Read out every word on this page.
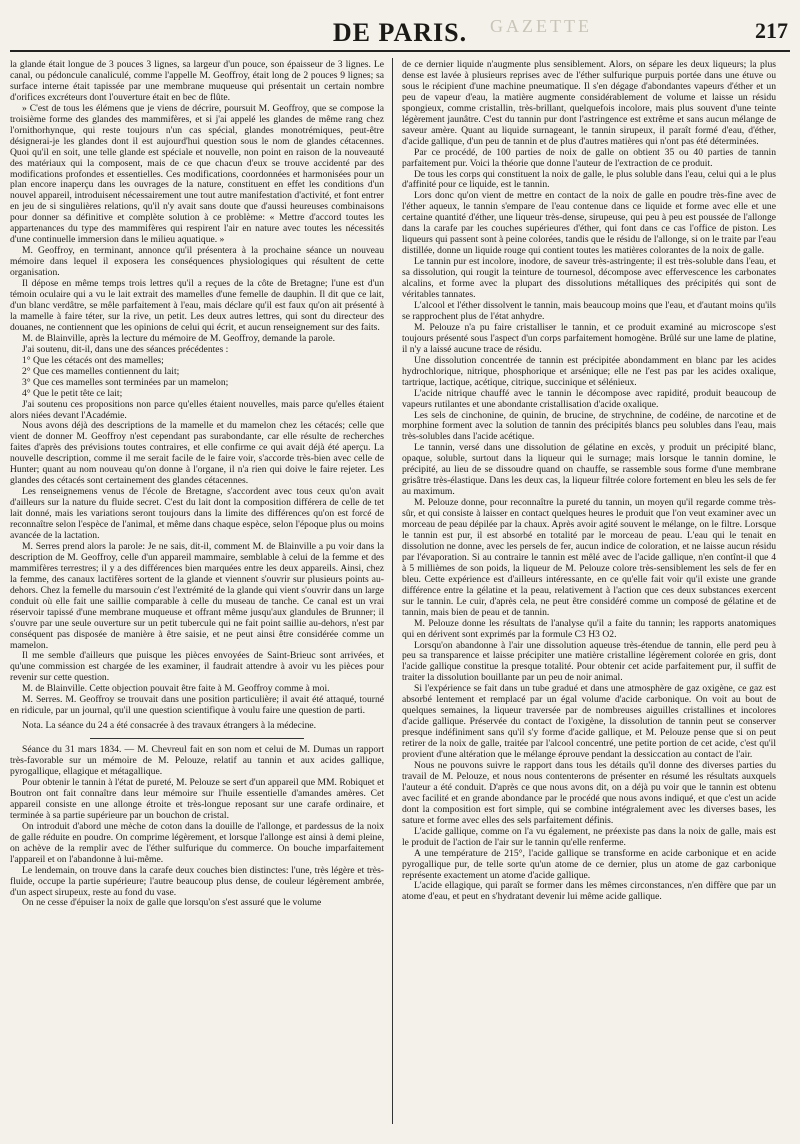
GAZETTE
DE PARIS.	217

la glande était longue de 3 pouces 3 lignes, sa largeur d'un pouce, son épaisseur de 3 lignes. Le canal, ou pédoncule canaliculé, comme l'appelle M. Geoffroy, était long de 2 pouces 9 lignes; sa surface interne était tapissée par une membrane muqueuse qui présentait un certain nombre d'orifices excréteurs dont l'ouverture était en bec de flûte.

» C'est de tous les élémens que je viens de décrire, poursuit M. Geoffroy, que se compose la troisième forme des glandes des mammifères, et si j'ai appelé les glandes de même rang chez l'ornithorhynque, qui reste toujours n'un cas spécial, glandes monotrémiques, peut-être désignerai-je les glandes dont il est aujourd'hui question sous le nom de glandes cétacennes. Quoi qu'il en soit, une telle glande est spéciale et nouvelle, non point en raison de la nouveauté des matériaux qui la composent, mais de ce que chacun d'eux se trouve accidenté par des modifications profondes et essentielles. Ces modifications, coordonnées et harmonisées pour un plan encore inaperçu dans les ouvrages de la nature, constituent en effet les conditions d'un nouvel appareil, introduisent nécessairement une tout autre manifestation d'activité, et font entrer en jeu de si singulières relations, qu'il n'y avait sans doute que d'aussi heureuses combinaisons pour donner sa définitive et complète solution à ce problème: « Mettre d'accord toutes les appartenances du type des mammifères qui respirent l'air en nature avec toutes les nécessités d'une continuelle immersion dans le milieu aquatique. »

M. Geoffroy, en terminant, annonce qu'il présentera à la prochaine séance un nouveau mémoire dans lequel il exposera les conséquences physiologiques qui résultent de cette organisation.

Il dépose en même temps trois lettres qu'il a reçues de la côte de Bretagne; l'une est d'un témoin oculaire qui a vu le lait extrait des mamelles d'une femelle de dauphin. Il dit que ce lait, d'un blanc verdâtre, se mêle parfaitement à l'eau, mais déclare qu'il est faux qu'on ait présenté à la mamelle à faire téter, sur la rive, un petit. Les deux autres lettres, qui sont du directeur des douanes, ne contiennent que les opinions de celui qui écrit, et aucun renseignement sur des faits.

M. de Blainville, après la lecture du mémoire de M. Geoffroy, demande la parole.

J'ai soutenu, dit-il, dans une des séances précédentes :

1° Que les cétacés ont des mamelles;

2° Que ces mamelles contiennent du lait;

3° Que ces mamelles sont terminées par un mamelon;

4° Que le petit tête ce lait;

J'ai soutenu ces propositions non parce qu'elles étaient nouvelles, mais parce qu'elles étaient alors niées devant l'Académie.

Nous avons déjà des descriptions de la mamelle et du mamelon chez les cétacés; celle que vient de donner M. Geoffroy n'est cependant pas surabondante, car elle résulte de recherches faites d'après des prévisions toutes contraires, et elle confirme ce qui avait déjà été aperçu. La nouvelle description, comme il me serait facile de le faire voir, s'accorde très-bien avec celle de Hunter; quant au nom nouveau qu'on donne à l'organe, il n'a rien qui doive le faire rejeter. Les glandes des cétacés sont certainement des glandes cétacennes.

Les renseignemens venus de l'école de Bretagne, s'accordent avec tous ceux qu'on avait d'ailleurs sur la nature du fluide secret. C'est du lait dont la composition différera de celle de tet lait donné, mais les variations seront toujours dans la limite des différences qu'on est forcé de reconnaître selon l'espèce de l'animal, et même dans chaque espèce, selon l'époque plus ou moins avancée de la lactation.

M. Serres prend alors la parole: Je ne sais, dit-il, comment M. de Blainville a pu voir dans la description de M. Geoffroy, celle d'un appareil mammaire, semblable à celui de la femme et des mammifères terrestres; il y a des différences bien marquées entre les deux appareils. Ainsi, chez la femme, des canaux lactifères sortent de la glande et viennent s'ouvrir sur plusieurs points au-dehors. Chez la femelle du marsouin c'est l'extrémité de la glande qui vient s'ouvrir dans un large conduit où elle fait une saillie comparable à celle du museau de tanche. Ce canal est un vrai réservoir tapissé d'une membrane muqueuse et offrant même jusqu'aux glandules de Brunner; il s'ouvre par une seule ouverture sur un petit tubercule qui ne fait point saillie au-dehors, n'est par conséquent pas disposée de manière à être saisie, et ne peut ainsi être considérée comme un mamelon.

Il me semble d'ailleurs que puisque les pièces envoyées de Saint-Brieuc sont arrivées, et qu'une commission est chargée de les examiner, il faudrait attendre à avoir vu les pièces pour revenir sur cette question.

M. de Blainville. Cette objection pouvait être faite à M. Geoffroy comme à moi.

M. Serres. M. Geoffroy se trouvait dans une position particulière; il avait été attaqué, tourné en ridicule, par un journal, qu'il une question scientifique à voulu faire une question de parti.

Nota. La séance du 24 a été consacrée à des travaux étrangers à la médecine.

Séance du 31 mars 1834. — M. Chevreul fait en son nom et celui de M. Dumas un rapport très-favorable sur un mémoire de M. Pelouze, relatif au tannin et aux acides gallique, pyrogallique, ellagique et métagallique.

Pour obtenir le tannin à l'état de pureté, M. Pelouze se sert d'un appareil que MM. Robiquet et Boutron ont fait connaître dans leur mémoire sur l'huile essentielle d'amandes amères. Cet appareil consiste en une allonge étroite et très-longue reposant sur une carafe ordinaire, et terminée à sa partie supérieure par un bouchon de cristal.

On introduit d'abord une mèche de coton dans la douille de l'allonge, et pardessus de la noix de galle réduite en poudre. On comprime légèrement, et lorsque l'allonge est ainsi à demi pleine, on achève de la remplir avec de l'éther sulfurique du commerce. On bouche imparfaitement l'appareil et on l'abandonne à lui-même.

Le lendemain, on trouve dans la carafe deux couches bien distinctes: l'une, très légère et très-fluide, occupe la partie supérieure; l'autre beaucoup plus dense, de couleur légèrement ambrée, d'un aspect sirupeux, reste au fond du vase.

On ne cesse d'épuiser la noix de galle que lorsqu'on s'est assuré que le volume

de ce dernier liquide n'augmente plus sensiblement. Alors, on sépare les deux liqueurs; la plus dense est lavée à plusieurs reprises avec de l'éther sulfurique purpuis portée dans une étuve ou sous le récipient d'une machine pneumatique. Il s'en dégage d'abondantes vapeurs d'éther et un peu de vapeur d'eau, la matière augmente considérablement de volume et laisse un résidu spongieux, comme cristallin, très-brillant, quelquefois incolore, mais plus souvent d'une teinte légèrement jaunâtre. C'est du tannin pur dont l'astringence est extrême et sans aucun mélange de saveur amère. Quant au liquide surnageant, le tannin sirupeux, il paraît formé d'eau, d'éther, d'acide gallique, d'un peu de tannin et de plus d'autres matières qui n'ont pas été déterminées.

Par ce procédé, de 100 parties de noix de galle on obtient 35 ou 40 parties de tannin parfaitement pur. Voici la théorie que donne l'auteur de l'extraction de ce produit.

De tous les corps qui constituent la noix de galle, le plus soluble dans l'eau, celui qui a le plus d'affinité pour ce liquide, est le tannin.

Lors donc qu'on vient de mettre en contact de la noix de galle en poudre très-fine avec de l'éther aqueux, le tannin s'empare de l'eau contenue dans ce liquide et forme avec elle et une certaine quantité d'éther, une liqueur très-dense, sirupeuse, qui peu à peu est poussée de l'allonge dans la carafe par les couches supérieures d'éther, qui font dans ce cas l'office de piston. Les liqueurs qui passent sont à peine colorées, tandis que le résidu de l'allonge, si on le traite par l'eau distillée, donne un liquide rouge qui contient toutes les matières colorantes de la noix de galle.

Le tannin pur est incolore, inodore, de saveur très-astringente; il est très-soluble dans l'eau, et sa dissolution, qui rougit la teinture de tournesol, décompose avec effervescence les carbonates alcalins, et forme avec la plupart des dissolutions métalliques des précipités qui sont de véritables tannates.

L'alcool et l'éther dissolvent le tannin, mais beaucoup moins que l'eau, et d'autant moins qu'ils se rapprochent plus de l'état anhydre.

M. Pelouze n'a pu faire cristalliser le tannin, et ce produit examiné au microscope s'est toujours présenté sous l'aspect d'un corps parfaitement homogène. Brûlé sur une lame de platine, il n'y a laissé aucune trace de résidu.

Une dissolution concentrée de tannin est précipitée abondamment en blanc par les acides hydrochlorique, nitrique, phosphorique et arsénique; elle ne l'est pas par les acides oxalique, tartrique, lactique, acétique, citrique, succinique et sélénieux.

L'acide nitrique chauffé avec le tannin le décompose avec rapidité, produit beaucoup de vapeurs rutilantes et une abondante cristallisation d'acide oxalique.

Les sels de cinchonine, de quinin, de brucine, de strychnine, de codéine, de narcotine et de morphine forment avec la solution de tannin des précipités blancs peu solubles dans l'eau, mais très-solubles dans l'acide acétique.

Le tannin, versé dans une dissolution de gélatine en excès, y produit un précipité blanc, opaque, soluble, surtout dans la liqueur qui le surnage; mais lorsque le tannin domine, le précipité, au lieu de se dissoudre quand on chauffe, se rassemble sous forme d'une membrane grisâtre très-élastique. Dans les deux cas, la liqueur filtrée colore fortement en bleu les sels de fer au maximum.

M. Pelouze donne, pour reconnaître la pureté du tannin, un moyen qu'il regarde comme très-sûr, et qui consiste à laisser en contact quelques heures le produit que l'on veut examiner avec un morceau de peau dépilée par la chaux. Après avoir agité souvent le mélange, on le filtre. Lorsque le tannin est pur, il est absorbé en totalité par le morceau de peau. L'eau qui le tenait en dissolution ne donne, avec les persels de fer, aucun indice de coloration, et ne laisse aucun résidu par l'évaporation. Si au contraire le tannin est mêlé avec de l'acide gallique, n'en contînt-il que 4 à 5 millièmes de son poids, la liqueur de M. Pelouze colore très-sensiblement les sels de fer en bleu. Cette expérience est d'ailleurs intéressante, en ce qu'elle fait voir qu'il existe une grande différence entre la gélatine et la peau, relativement à l'action que ces deux substances exercent sur le tannin. Le cuir, d'après cela, ne peut être considéré comme un composé de gélatine et de tannin, mais bien de peau et de tannin.

M. Pelouze donne les résultats de l'analyse qu'il a faite du tannin; les rapports anatomiques qui en dérivent sont exprimés par la formule C3 H3 O2.

Lorsqu'on abandonne à l'air une dissolution aqueuse très-étendue de tannin, elle perd peu à peu sa transparence et laisse précipiter une matière cristalline légèrement colorée en gris, dont l'acide gallique constitue la presque totalité. Pour obtenir cet acide parfaitement pur, il suffit de traiter la dissolution bouillante par un peu de noir animal.

Si l'expérience se fait dans un tube gradué et dans une atmosphère de gaz oxigène, ce gaz est absorbé lentement et remplacé par un égal volume d'acide carbonique. On voit au bout de quelques semaines, la liqueur traversée par de nombreuses aiguilles cristallines et incolores d'acide gallique. Préservée du contact de l'oxigène, la dissolution de tannin peut se conserver presque indéfiniment sans qu'il s'y forme d'acide gallique, et M. Pelouze pense que si on peut retirer de la noix de galle, traitée par l'alcool concentré, une petite portion de cet acide, c'est qu'il provient d'une altération que le mélange éprouve pendant la dessiccation au contact de l'air.

Nous ne pouvons suivre le rapport dans tous les détails qu'il donne des diverses parties du travail de M. Pelouze, et nous nous contenterons de présenter en résumé les résultats auxquels l'auteur a été conduit. D'après ce que nous avons dit, on a déjà pu voir que le tannin est obtenu avec facilité et en grande abondance par le procédé que nous avons indiqué, et que c'est un acide dont la composition est fort simple, qui se combine intégralement avec les diverses bases, les sature et forme avec elles des sels parfaitement définis.

L'acide gallique, comme on l'a vu également, ne préexiste pas dans la noix de galle, mais est le produit de l'action de l'air sur le tannin qu'elle renferme.

A une température de 215°, l'acide gallique se transforme en acide carbonique et en acide pyrogallique pur, de telle sorte qu'un atome de ce dernier, plus un atome de gaz carbonique représente exactement un atome d'acide gallique.

L'acide ellagique, qui paraît se former dans les mêmes circonstances, n'en diffère que par un atome d'eau, et peut en s'hydratant devenir lui même acide gallique.
